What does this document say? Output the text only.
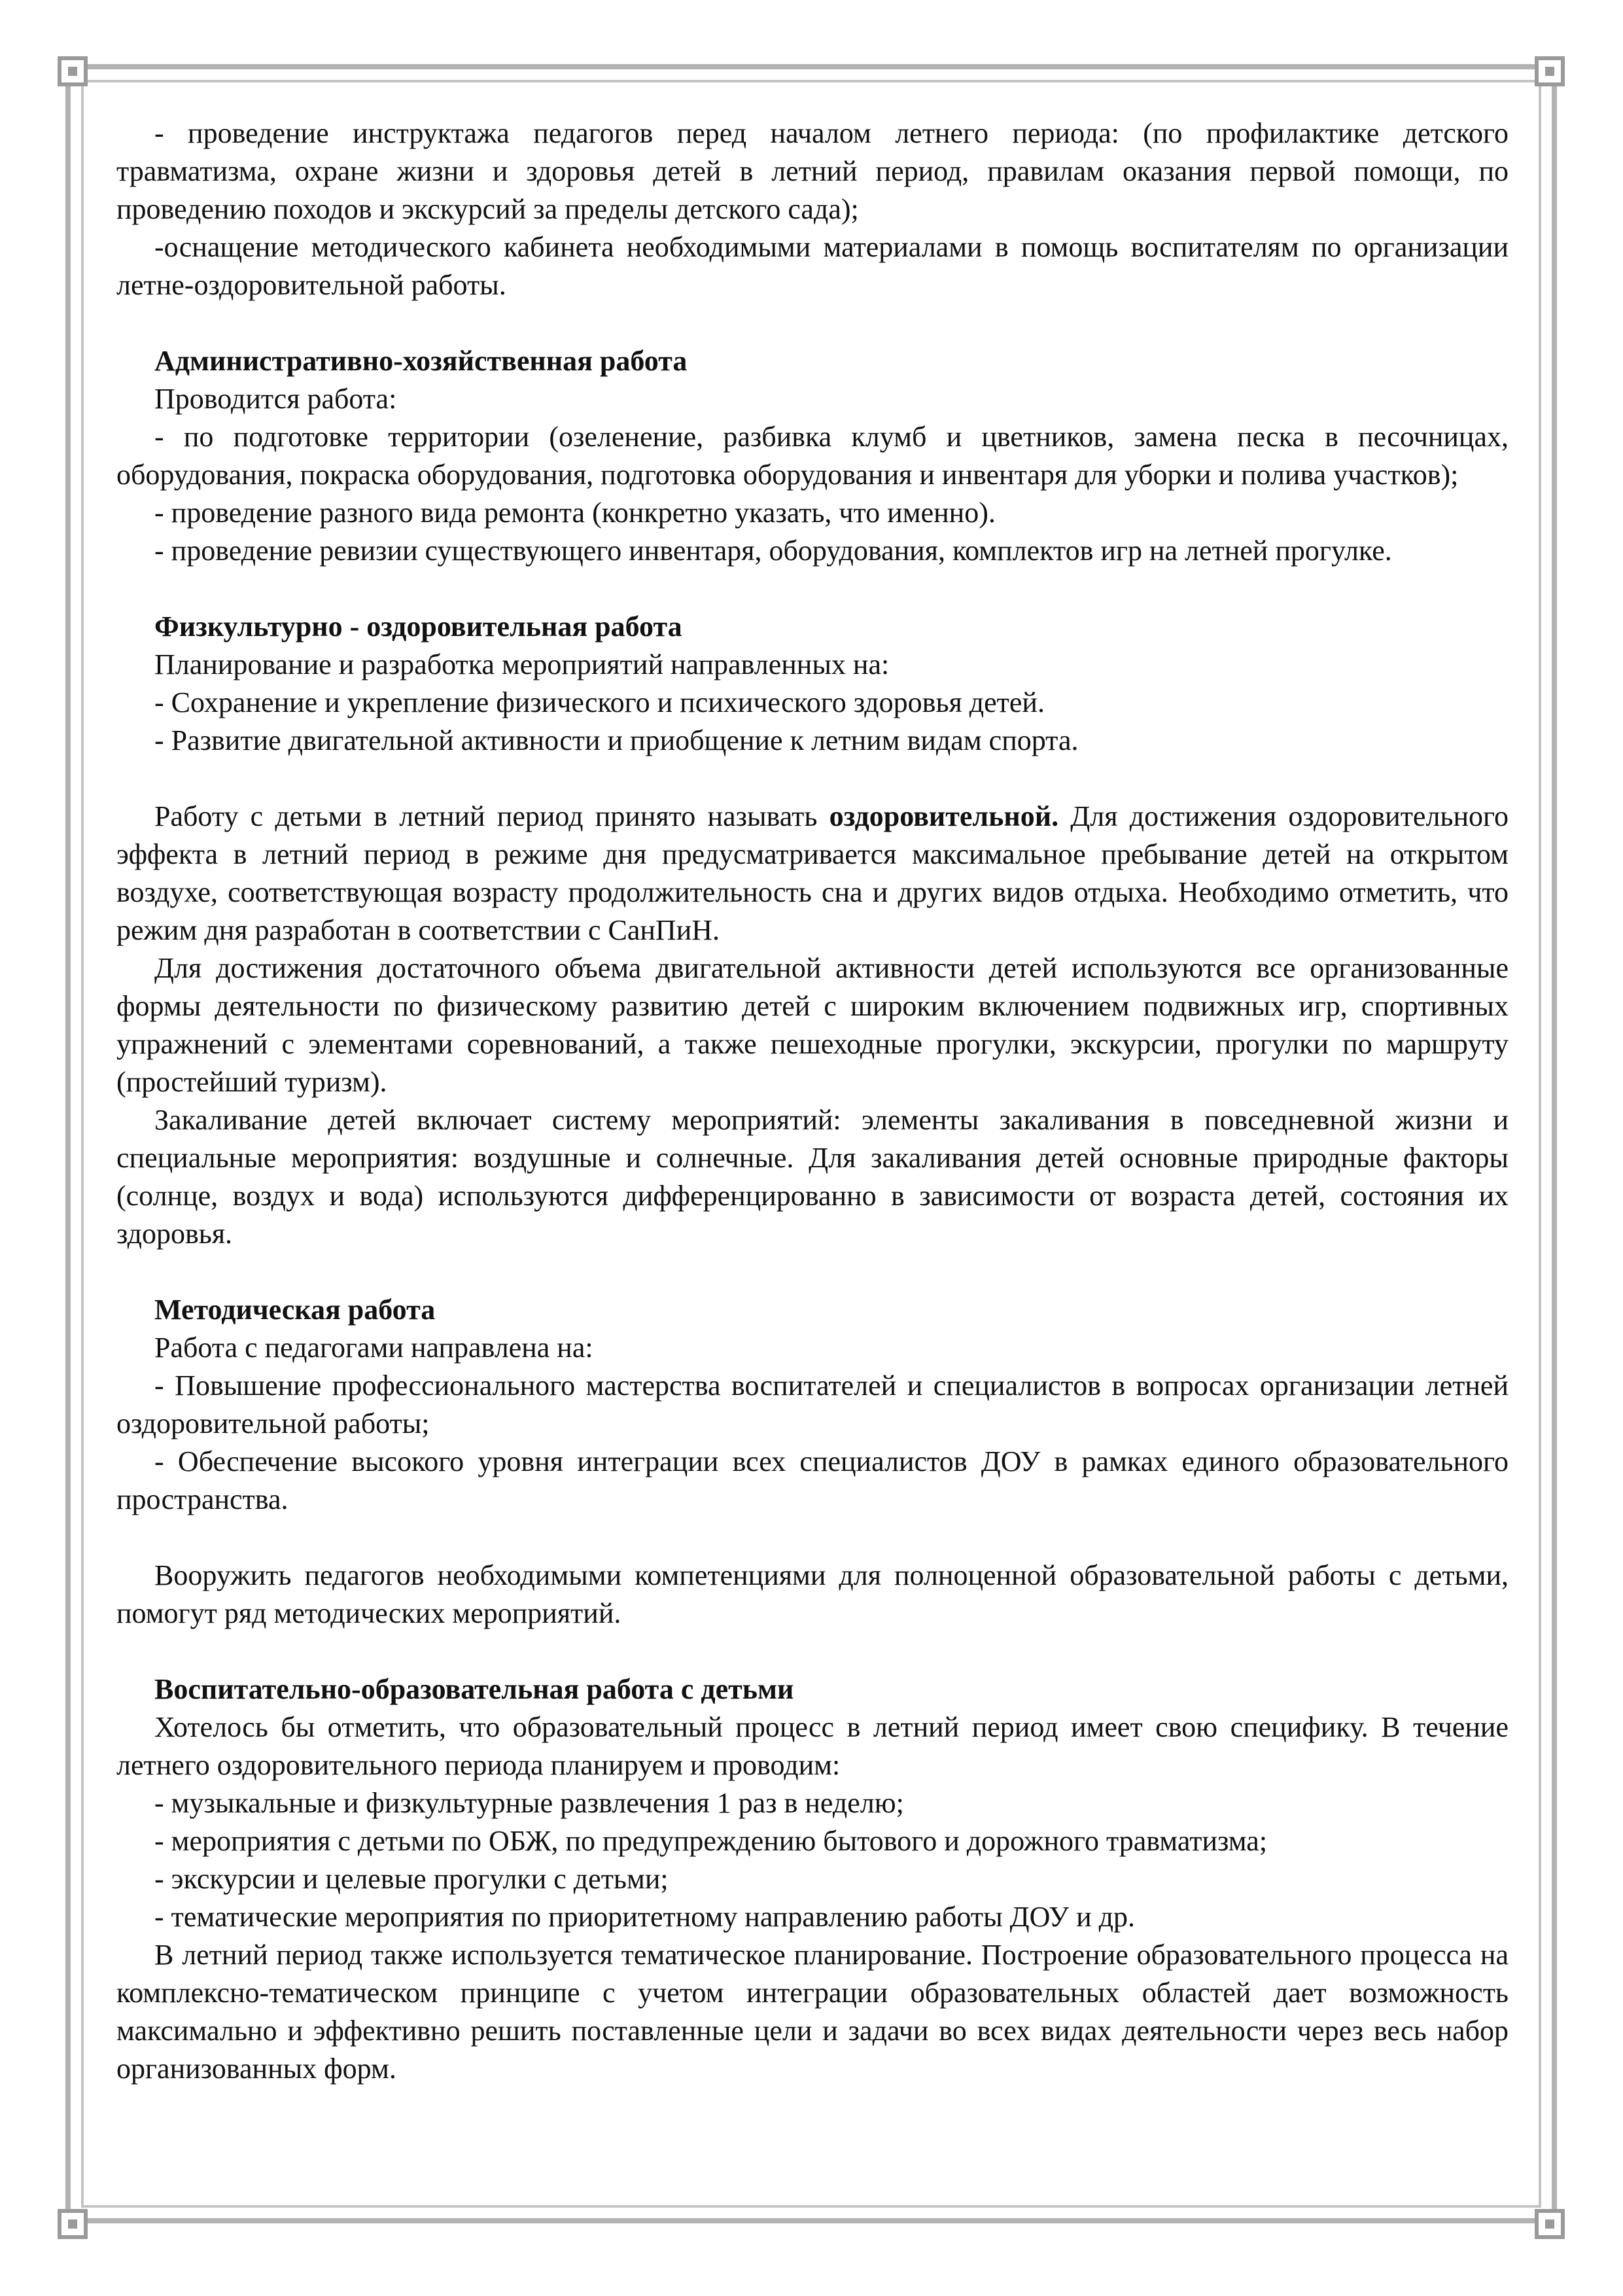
- проведение инструктажа педагогов перед началом летнего периода: (по профилактике детского травматизма, охране жизни и здоровья детей в летний период, правилам оказания первой помощи, по проведению походов и экскурсий за пределы детского сада);

-оснащение методического кабинета необходимыми материалами в помощь воспитателям по организации летне-оздоровительной работы.

Административно-хозяйственная работа

Проводится работа:

- по подготовке территории (озеленение, разбивка клумб и цветников, замена песка в песочницах, оборудования, покраска оборудования, подготовка оборудования и инвентаря для уборки и полива участков);

- проведение разного вида ремонта (конкретно указать, что именно).

- проведение ревизии существующего инвентаря, оборудования, комплектов игр на летней прогулке.

Физкультурно - оздоровительная работа

Планирование и разработка мероприятий направленных на:

- Сохранение и укрепление физического и психического здоровья детей.

- Развитие двигательной активности и приобщение к летним видам спорта.

Работу с детьми в летний период принято называть оздоровительной. Для достижения оздоровительного эффекта в летний период в режиме дня предусматривается максимальное пребывание детей на открытом воздухе, соответствующая возрасту продолжительность сна и других видов отдыха. Необходимо отметить, что режим дня разработан в соответствии с СанПиН.

Для достижения достаточного объема двигательной активности детей используются все организованные формы деятельности по физическому развитию детей с широким включением подвижных игр, спортивных упражнений с элементами соревнований, а также пешеходные прогулки, экскурсии, прогулки по маршруту (простейший туризм).

Закаливание детей включает систему мероприятий: элементы закаливания в повседневной жизни и специальные мероприятия: воздушные и солнечные. Для закаливания детей основные природные факторы (солнце, воздух и вода) используются дифференцированно в зависимости от возраста детей, состояния их здоровья.

Методическая работа

Работа с педагогами направлена на:

- Повышение профессионального мастерства воспитателей и специалистов в вопросах организации летней оздоровительной работы;

- Обеспечение высокого уровня интеграции всех специалистов ДОУ в рамках единого образовательного пространства.

Вооружить педагогов необходимыми компетенциями для полноценной образовательной работы с детьми, помогут ряд методических мероприятий.

Воспитательно-образовательная работа с детьми

Хотелось бы отметить, что образовательный процесс в летний период имеет свою специфику. В течение летнего оздоровительного периода планируем и проводим:

- музыкальные и физкультурные развлечения 1 раз в неделю;

- мероприятия с детьми по ОБЖ, по предупреждению бытового и дорожного травматизма;

- экскурсии и целевые прогулки с детьми;

- тематические мероприятия по приоритетному направлению работы ДОУ и др.

В летний период также используется тематическое планирование. Построение образовательного процесса на комплексно-тематическом принципе с учетом интеграции образовательных областей дает возможность максимально и эффективно решить поставленные цели и задачи во всех видах деятельности через весь набор организованных форм.
